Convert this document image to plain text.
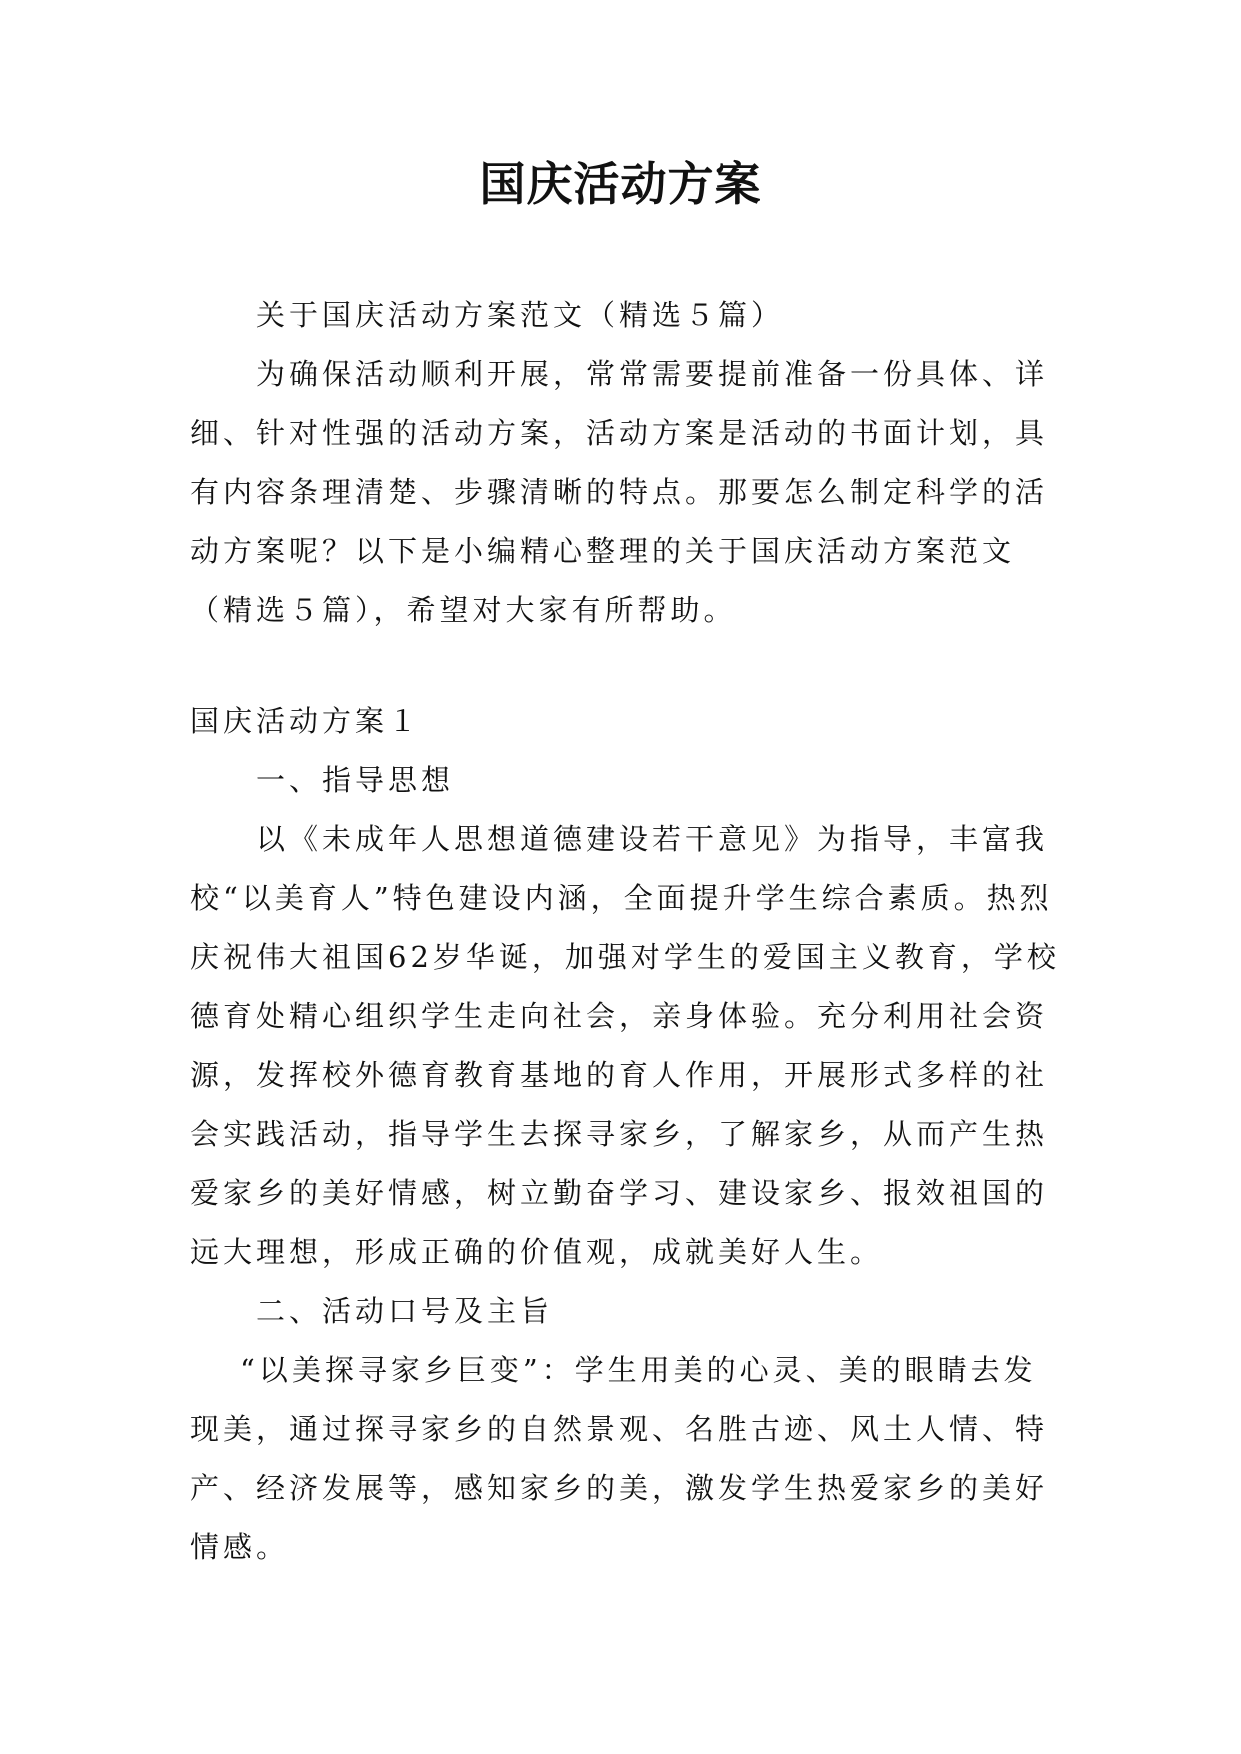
国庆活动方案

关于国庆活动方案范文（精选５篇）

为确保活动顺利开展，常常需要提前准备一份具体、详细、针对性强的活动方案，活动方案是活动的书面计划，具有内容条理清楚、步骤清晰的特点。那要怎么制定科学的活动方案呢？以下是小编精心整理的关于国庆活动方案范文（精选５篇），希望对大家有所帮助。

国庆活动方案１

一、指导思想

以《未成年人思想道德建设若干意见》为指导，丰富我校“以美育人”特色建设内涵，全面提升学生综合素质。热烈庆祝伟大祖国62岁华诞，加强对学生的爱国主义教育，学校德育处精心组织学生走向社会，亲身体验。充分利用社会资源，发挥校外德育教育基地的育人作用，开展形式多样的社会实践活动，指导学生去探寻家乡，了解家乡，从而产生热爱家乡的美好情感，树立勤奋学习、建设家乡、报效祖国的远大理想，形成正确的价值观，成就美好人生。

二、活动口号及主旨

“以美探寻家乡巨变”：学生用美的心灵、美的眼睛去发现美，通过探寻家乡的自然景观、名胜古迹、风土人情、特产、经济发展等，感知家乡的美，激发学生热爱家乡的美好情感。
